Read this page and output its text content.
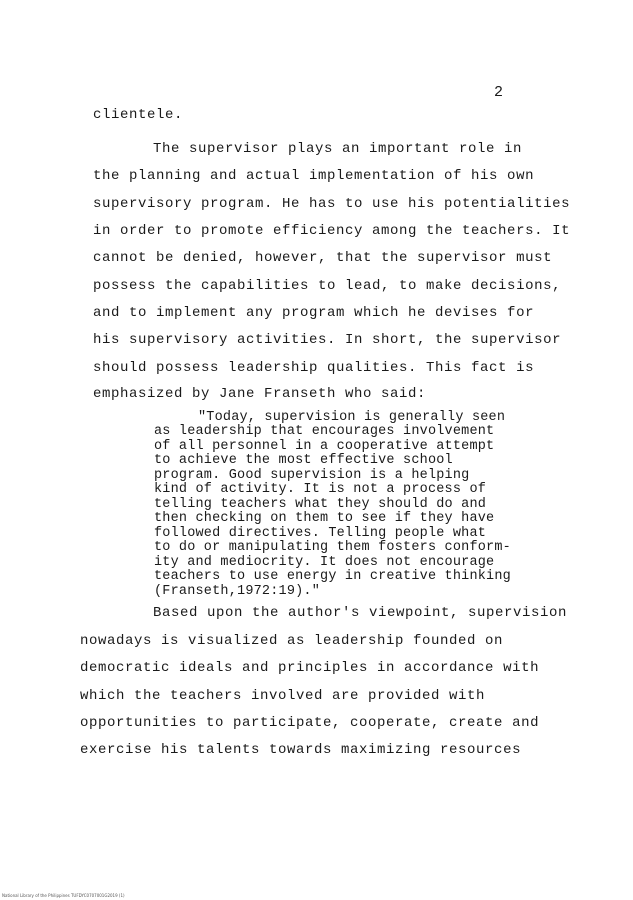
2
clientele.
The supervisor plays an important role in
the planning and actual implementation of his own
supervisory program. He has to use his potentialities
in order to promote efficiency among the teachers. It
cannot be denied, however, that the supervisor must
possess the capabilities to lead, to make decisions,
and to implement any program which he devises for
his supervisory activities. In short, the supervisor
should possess leadership qualities. This fact is
emphasized by Jane Franseth who said:
"Today, supervision is generally seen
as leadership that encourages involvement
of all personnel in a cooperative attempt
to achieve the most effective school
program. Good supervision is a helping
kind of activity. It is not a process of
telling teachers what they should do and
then checking on them to see if they have
followed directives. Telling people what
to do or manipulating them fosters conform-
ity and mediocrity. It does not encourage
teachers to use energy in creative thinking
(Franseth,1972:19)."
Based upon the author's viewpoint, supervision
nowadays is visualized as leadership founded on
democratic ideals and principles in accordance with
which the teachers involved are provided with
opportunities to participate, cooperate, create and
exercise his talents towards maximizing resources
National Library of the Philippines TUFDYC0707001G2019 (1)
